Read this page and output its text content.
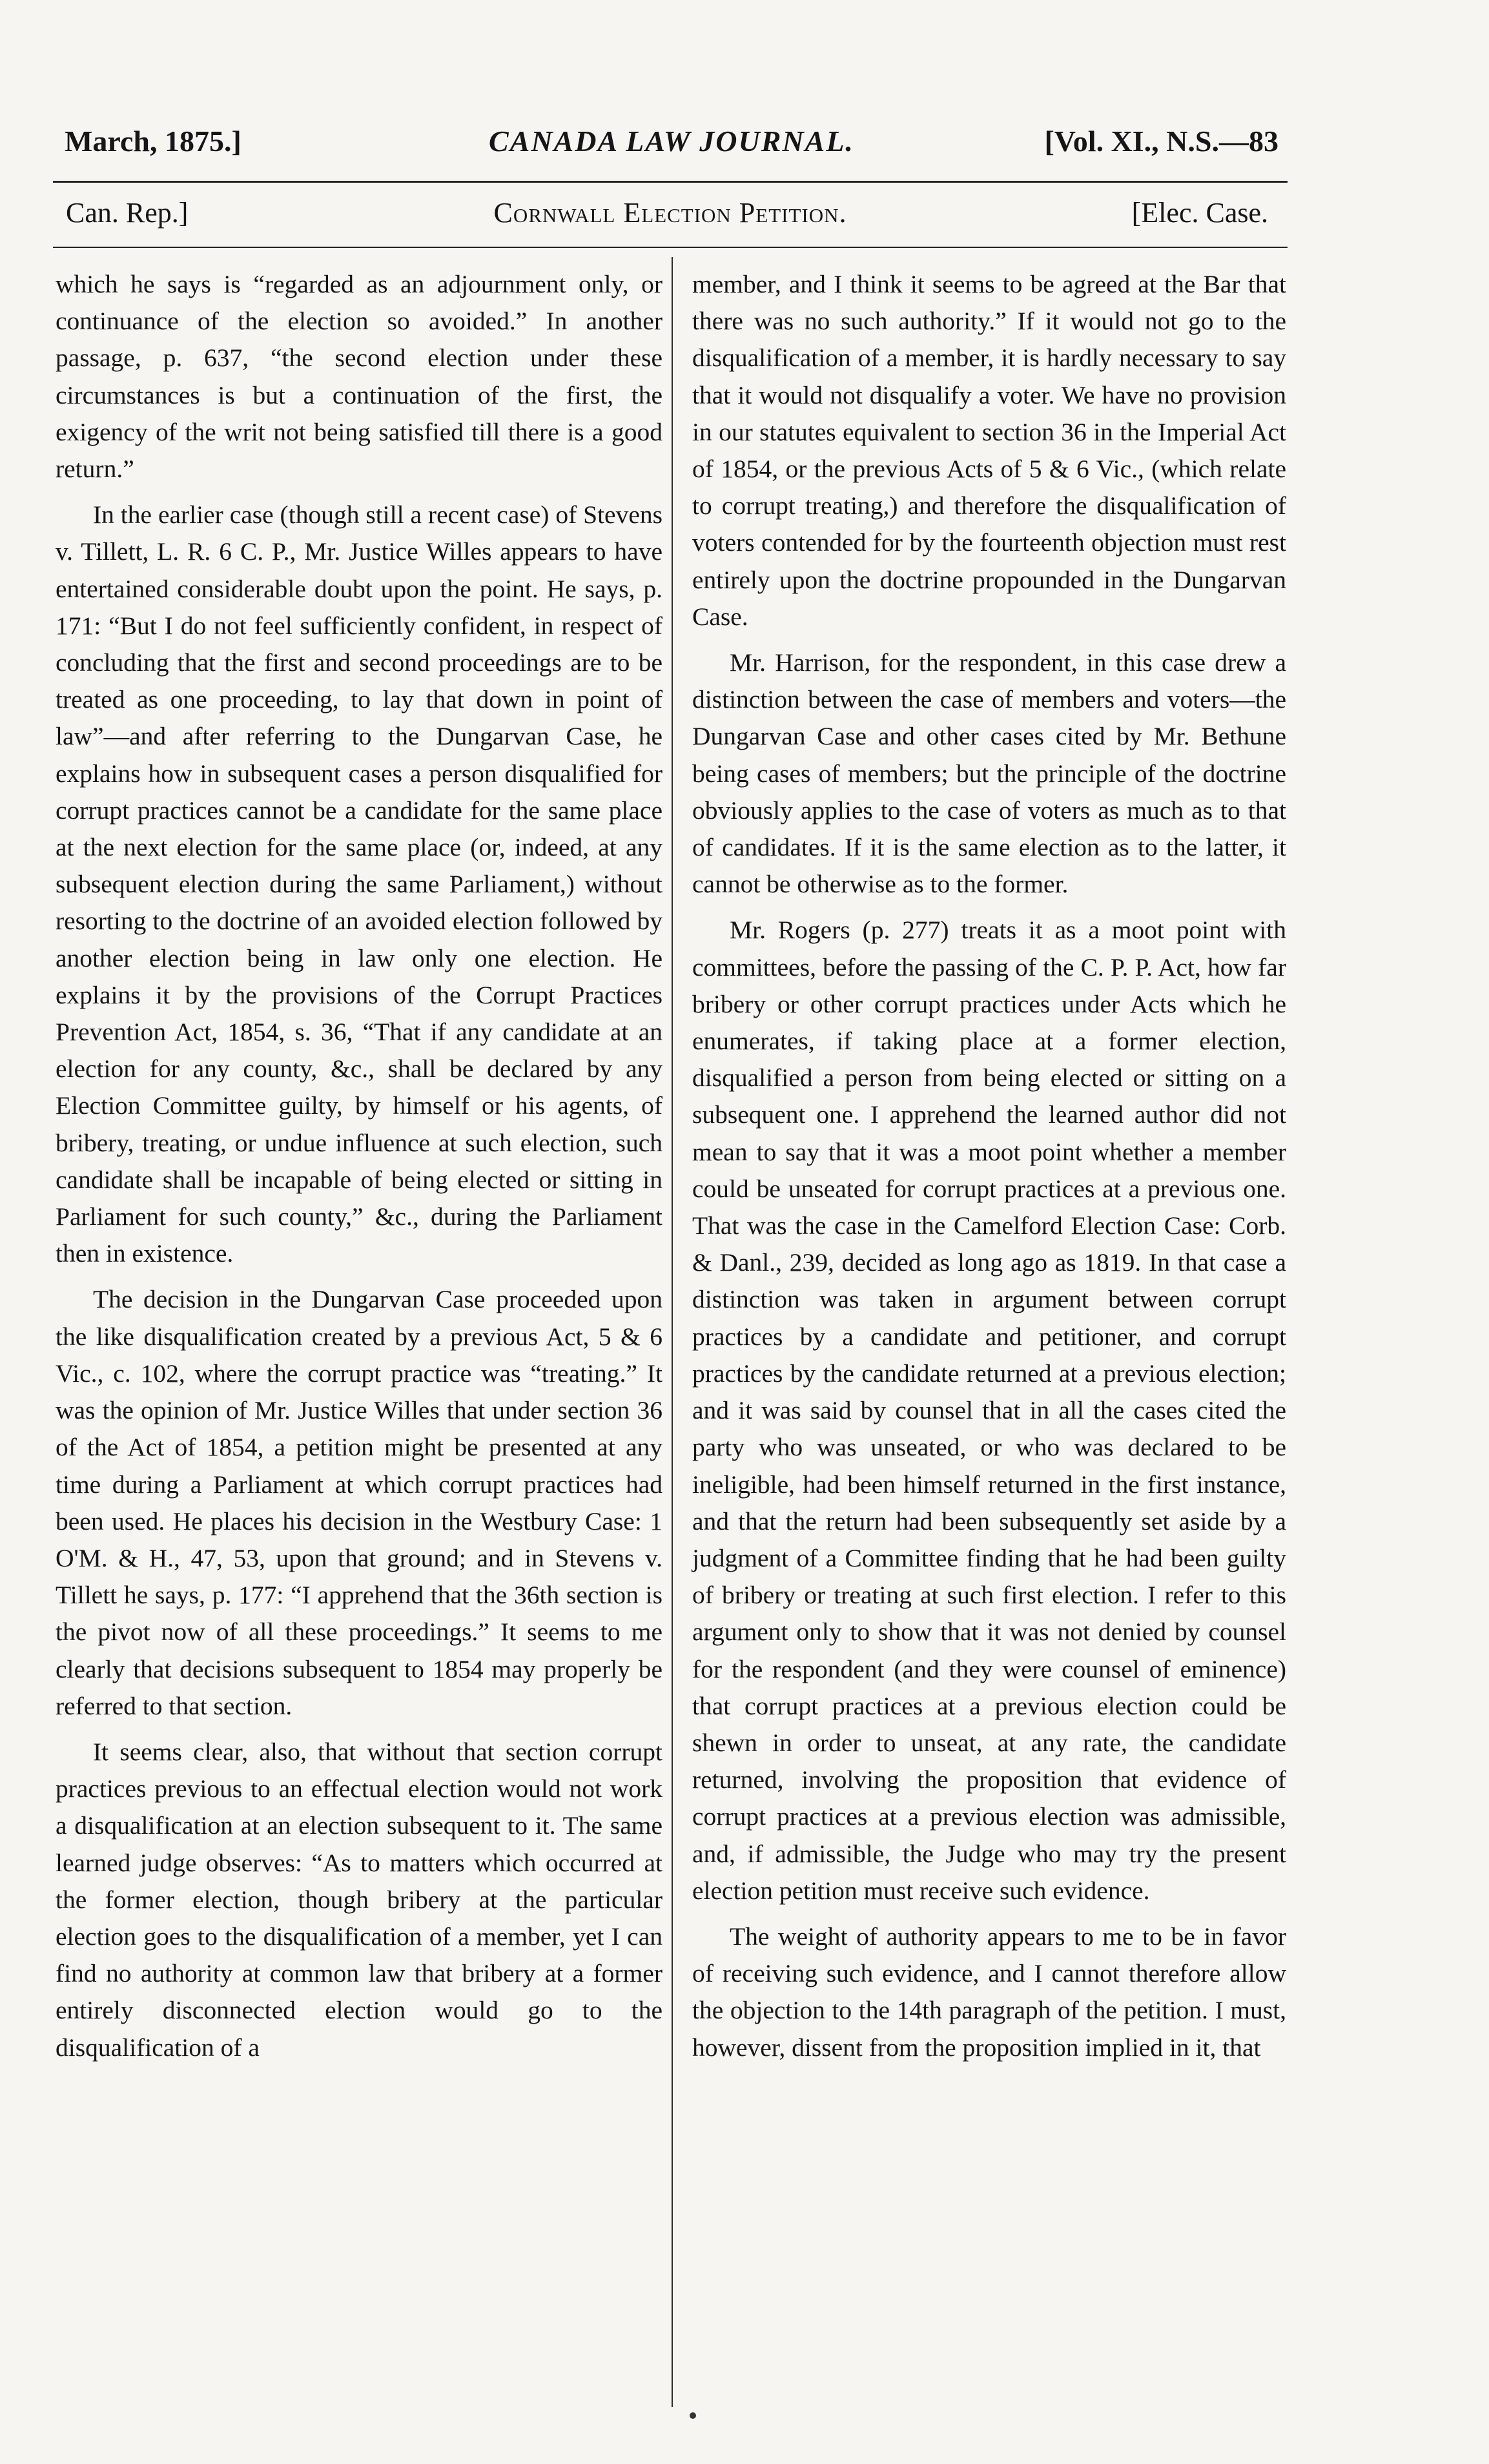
March, 1875.]	CANADA LAW JOURNAL.	[Vol. XI., N.S.—83
Can. Rep.]	Cornwall Election Petition.	[Elec. Case.

which he says is “regarded as an adjournment only, or continuance of the election so avoided.” In another passage, p. 637, “the second election under these circumstances is but a continuation of the first, the exigency of the writ not being satisfied till there is a good return.”

In the earlier case (though still a recent case) of Stevens v. Tillett, L. R. 6 C. P., Mr. Justice Willes appears to have entertained considerable doubt upon the point. He says, p. 171: “But I do not feel sufficiently confident, in respect of concluding that the first and second proceedings are to be treated as one proceeding, to lay that down in point of law”—and after referring to the Dungarvan Case, he explains how in subsequent cases a person disqualified for corrupt practices cannot be a candidate for the same place at the next election for the same place (or, indeed, at any subsequent election during the same Parliament,) without resorting to the doctrine of an avoided election followed by another election being in law only one election. He explains it by the provisions of the Corrupt Practices Prevention Act, 1854, s. 36, “That if any candidate at an election for any county, &c., shall be declared by any Election Committee guilty, by himself or his agents, of bribery, treating, or undue influence at such election, such candidate shall be incapable of being elected or sitting in Parliament for such county,” &c., during the Parliament then in existence.

The decision in the Dungarvan Case proceeded upon the like disqualification created by a previous Act, 5 & 6 Vic., c. 102, where the corrupt practice was “treating.” It was the opinion of Mr. Justice Willes that under section 36 of the Act of 1854, a petition might be presented at any time during a Parliament at which corrupt practices had been used. He places his decision in the Westbury Case: 1 O'M. & H., 47, 53, upon that ground; and in Stevens v. Tillett he says, p. 177: “I apprehend that the 36th section is the pivot now of all these proceedings.” It seems to me clearly that decisions subsequent to 1854 may properly be referred to that section.

It seems clear, also, that without that section corrupt practices previous to an effectual election would not work a disqualification at an election subsequent to it. The same learned judge observes: “As to matters which occurred at the former election, though bribery at the particular election goes to the disqualification of a member, yet I can find no authority at common law that bribery at a former entirely disconnected election would go to the disqualification of a

member, and I think it seems to be agreed at the Bar that there was no such authority.” If it would not go to the disqualification of a member, it is hardly necessary to say that it would not disqualify a voter. We have no provision in our statutes equivalent to section 36 in the Imperial Act of 1854, or the previous Acts of 5 & 6 Vic., (which relate to corrupt treating,) and therefore the disqualification of voters contended for by the fourteenth objection must rest entirely upon the doctrine propounded in the Dungarvan Case.

Mr. Harrison, for the respondent, in this case drew a distinction between the case of members and voters—the Dungarvan Case and other cases cited by Mr. Bethune being cases of members; but the principle of the doctrine obviously applies to the case of voters as much as to that of candidates. If it is the same election as to the latter, it cannot be otherwise as to the former.

Mr. Rogers (p. 277) treats it as a moot point with committees, before the passing of the C. P. P. Act, how far bribery or other corrupt practices under Acts which he enumerates, if taking place at a former election, disqualified a person from being elected or sitting on a subsequent one. I apprehend the learned author did not mean to say that it was a moot point whether a member could be unseated for corrupt practices at a previous one. That was the case in the Camelford Election Case: Corb. & Danl., 239, decided as long ago as 1819. In that case a distinction was taken in argument between corrupt practices by a candidate and petitioner, and corrupt practices by the candidate returned at a previous election; and it was said by counsel that in all the cases cited the party who was unseated, or who was declared to be ineligible, had been himself returned in the first instance, and that the return had been subsequently set aside by a judgment of a Committee finding that he had been guilty of bribery or treating at such first election. I refer to this argument only to show that it was not denied by counsel for the respondent (and they were counsel of eminence) that corrupt practices at a previous election could be shewn in order to unseat, at any rate, the candidate returned, involving the proposition that evidence of corrupt practices at a previous election was admissible, and, if admissible, the Judge who may try the present election petition must receive such evidence.

The weight of authority appears to me to be in favor of receiving such evidence, and I cannot therefore allow the objection to the 14th paragraph of the petition. I must, however, dissent from the proposition implied in it, that
